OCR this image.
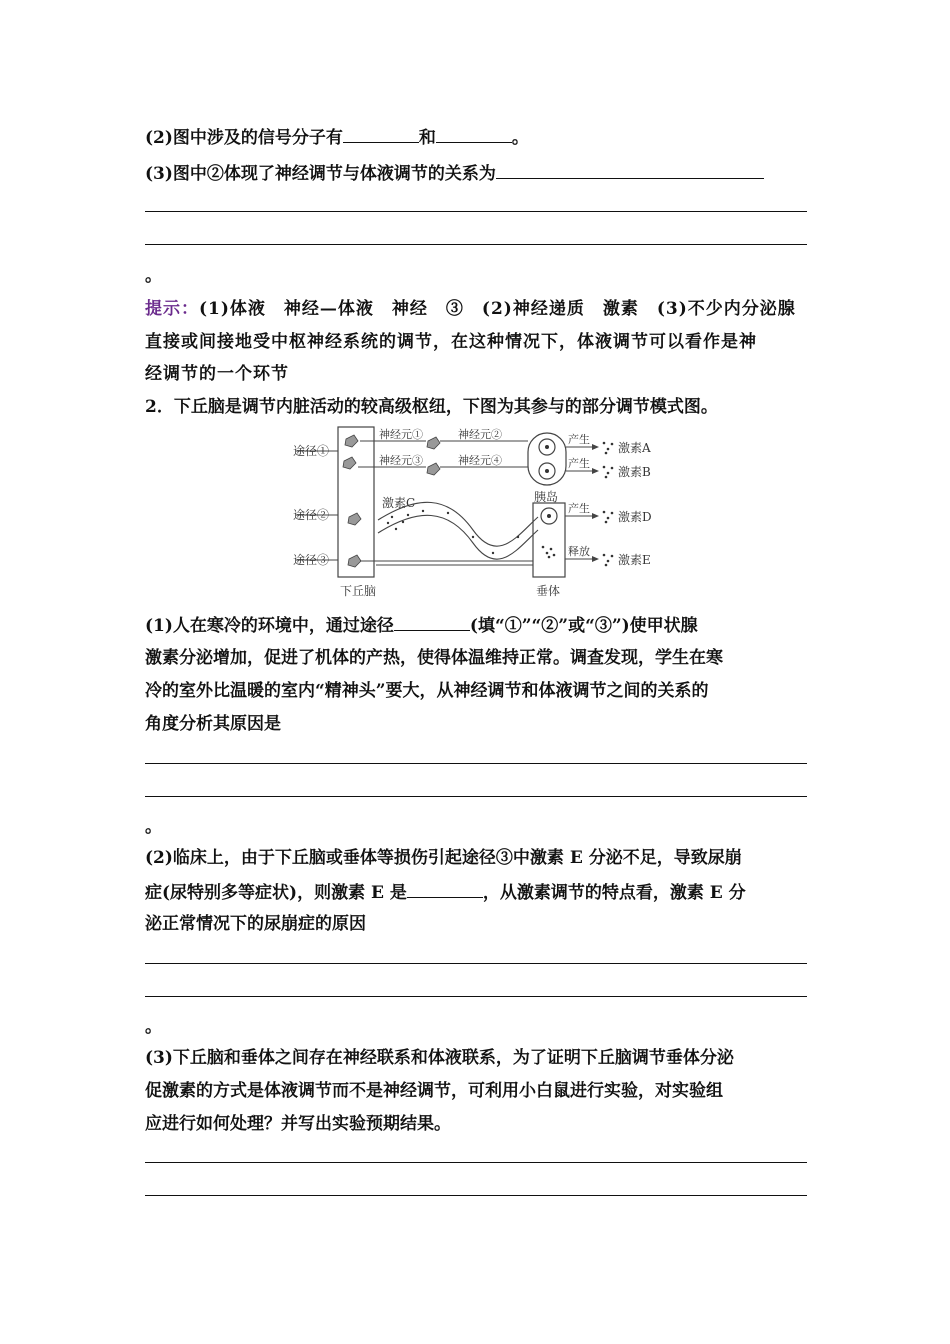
(2)图中涉及的信号分子有	和	。
(3)图中②体现了神经调节与体液调节的关系为
。
提示：(1)体液　神经—体液　神经　③　(2)神经递质　激素　(3)不少内分泌腺
直接或间接地受中枢神经系统的调节，在这种情况下，体液调节可以看作是神
经调节的一个环节
2．下丘脑是调节内脏活动的较高级枢纽，下图为其参与的部分调节模式图。
途径①
途径②
途径③
神经元①	神经元②
神经元③	神经元④
产生
产生
产生
释放
激素A
激素B
激素C
激素D
激素E
胰岛
下丘脑	垂体
(1)人在寒冷的环境中，通过途径	(填“①”“②”或“③”)使甲状腺
激素分泌增加，促进了机体的产热，使得体温维持正常。调查发现，学生在寒
冷的室外比温暖的室内“精神头”要大，从神经调节和体液调节之间的关系的
角度分析其原因是
。
(2)临床上，由于下丘脑或垂体等损伤引起途径③中激素 E 分泌不足，导致尿崩
症(尿特别多等症状)，则激素 E 是	，从激素调节的特点看，激素 E 分
泌正常情况下的尿崩症的原因
。
(3)下丘脑和垂体之间存在神经联系和体液联系，为了证明下丘脑调节垂体分泌
促激素的方式是体液调节而不是神经调节，可利用小白鼠进行实验，对实验组
应进行如何处理？并写出实验预期结果。
